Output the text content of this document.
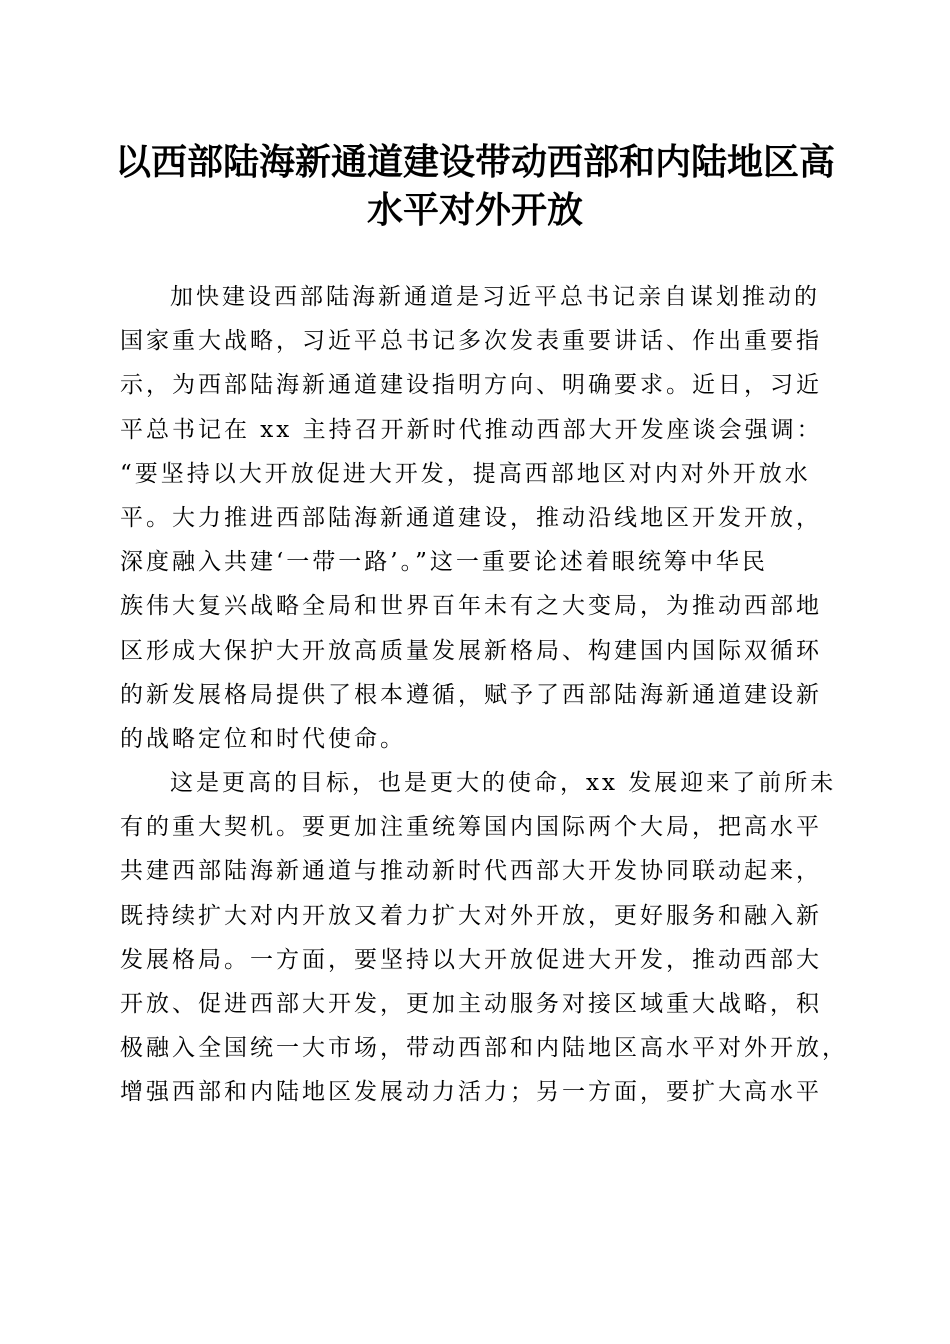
以西部陆海新通道建设带动西部和内陆地区高
水平对外开放

加快建设西部陆海新通道是习近平总书记亲自谋划推动的
国家重大战略，习近平总书记多次发表重要讲话、作出重要指
示，为西部陆海新通道建设指明方向、明确要求。近日，习近
平总书记在 xx 主持召开新时代推动西部大开发座谈会强调：
“要坚持以大开放促进大开发，提高西部地区对内对外开放水
平。大力推进西部陆海新通道建设，推动沿线地区开发开放，
深度融入共建‘一带一路’。”这一重要论述着眼统筹中华民
族伟大复兴战略全局和世界百年未有之大变局，为推动西部地
区形成大保护大开放高质量发展新格局、构建国内国际双循环
的新发展格局提供了根本遵循，赋予了西部陆海新通道建设新
的战略定位和时代使命。

这是更高的目标，也是更大的使命，xx 发展迎来了前所未
有的重大契机。要更加注重统筹国内国际两个大局，把高水平
共建西部陆海新通道与推动新时代西部大开发协同联动起来，
既持续扩大对内开放又着力扩大对外开放，更好服务和融入新
发展格局。一方面，要坚持以大开放促进大开发，推动西部大
开放、促进西部大开发，更加主动服务对接区域重大战略，积
极融入全国统一大市场，带动西部和内陆地区高水平对外开放，
增强西部和内陆地区发展动力活力；另一方面，要扩大高水平
